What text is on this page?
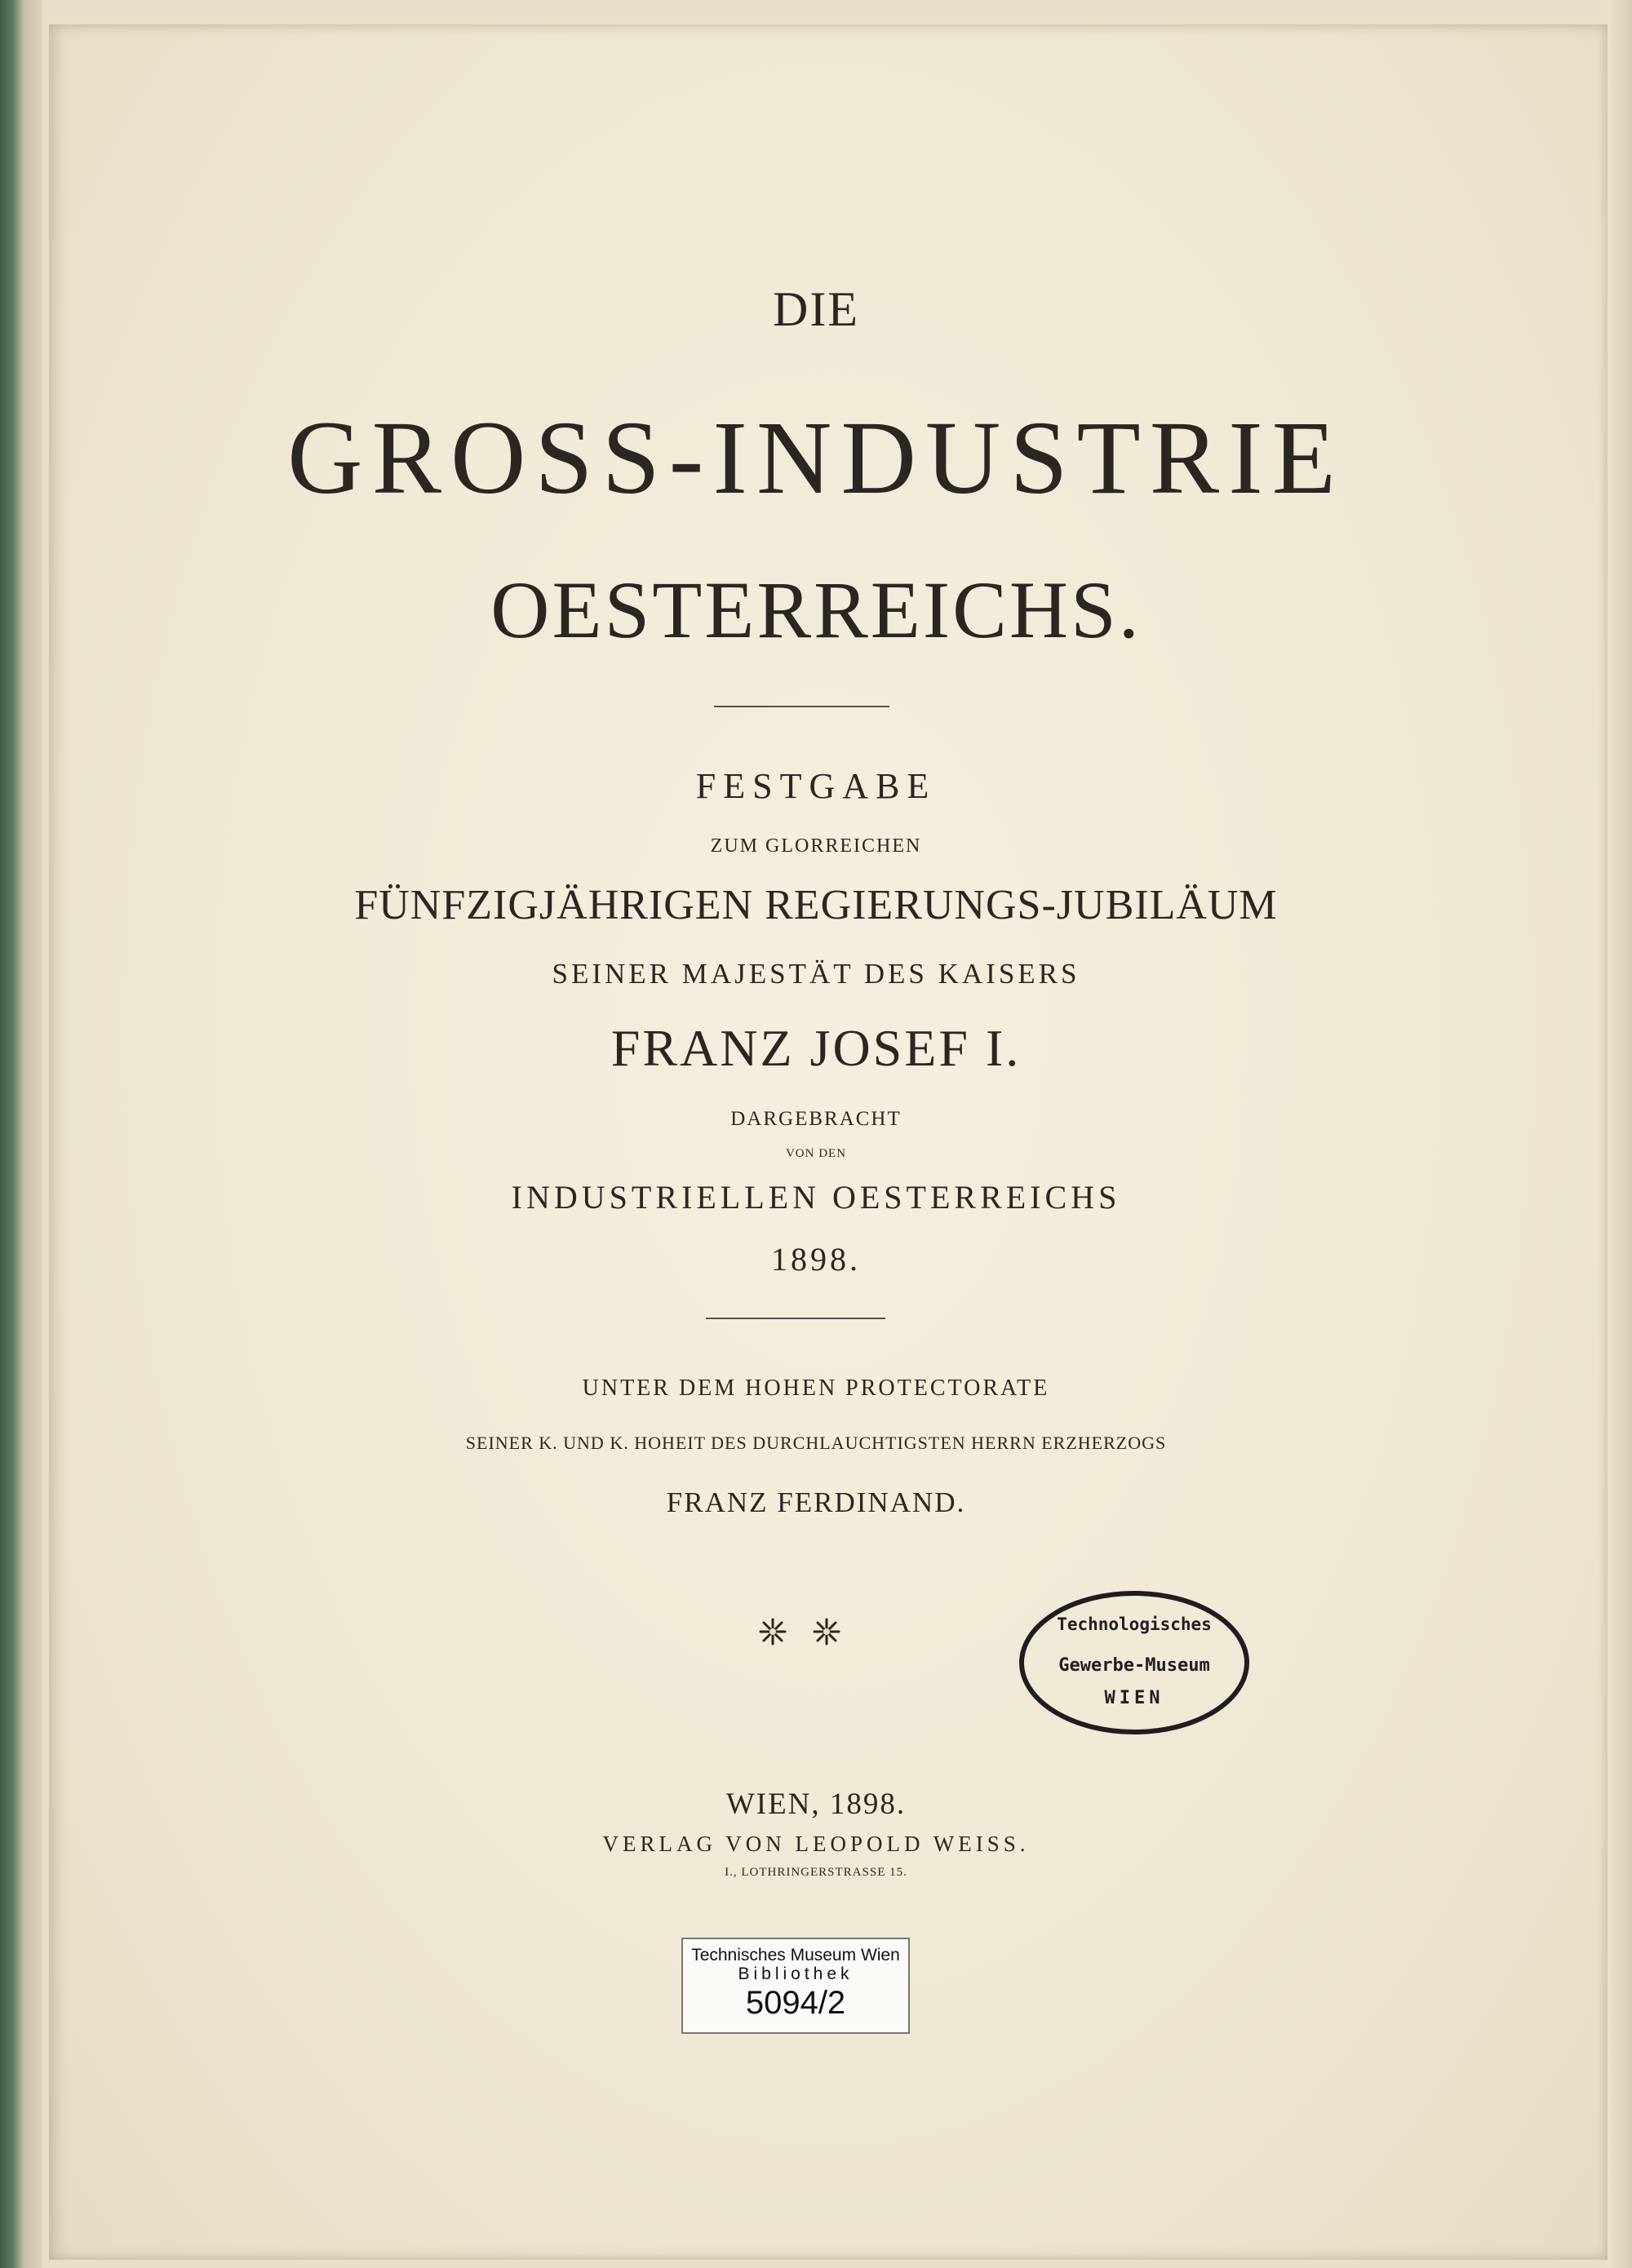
DIE
GROSS-INDUSTRIE
OESTERREICHS.
FESTGABE
ZUM GLORREICHEN
FÜNFZIGJÄHRIGEN REGIERUNGS-JUBILÄUM
SEINER MAJESTÄT DES KAISERS
FRANZ JOSEF I.
DARGEBRACHT
VON DEN
INDUSTRIELLEN OESTERREICHS
1898.
UNTER DEM HOHEN PROTECTORATE
SEINER K. UND K. HOHEIT DES DURCHLAUCHTIGSTEN HERRN ERZHERZOGS
FRANZ FERDINAND.
Technologisches
Gewerbe-Museum
WIEN
WIEN, 1898.
VERLAG VON LEOPOLD WEISS.
I., LOTHRINGERSTRASSE 15.
Technisches Museum Wien
Bibliothek
5094/2
